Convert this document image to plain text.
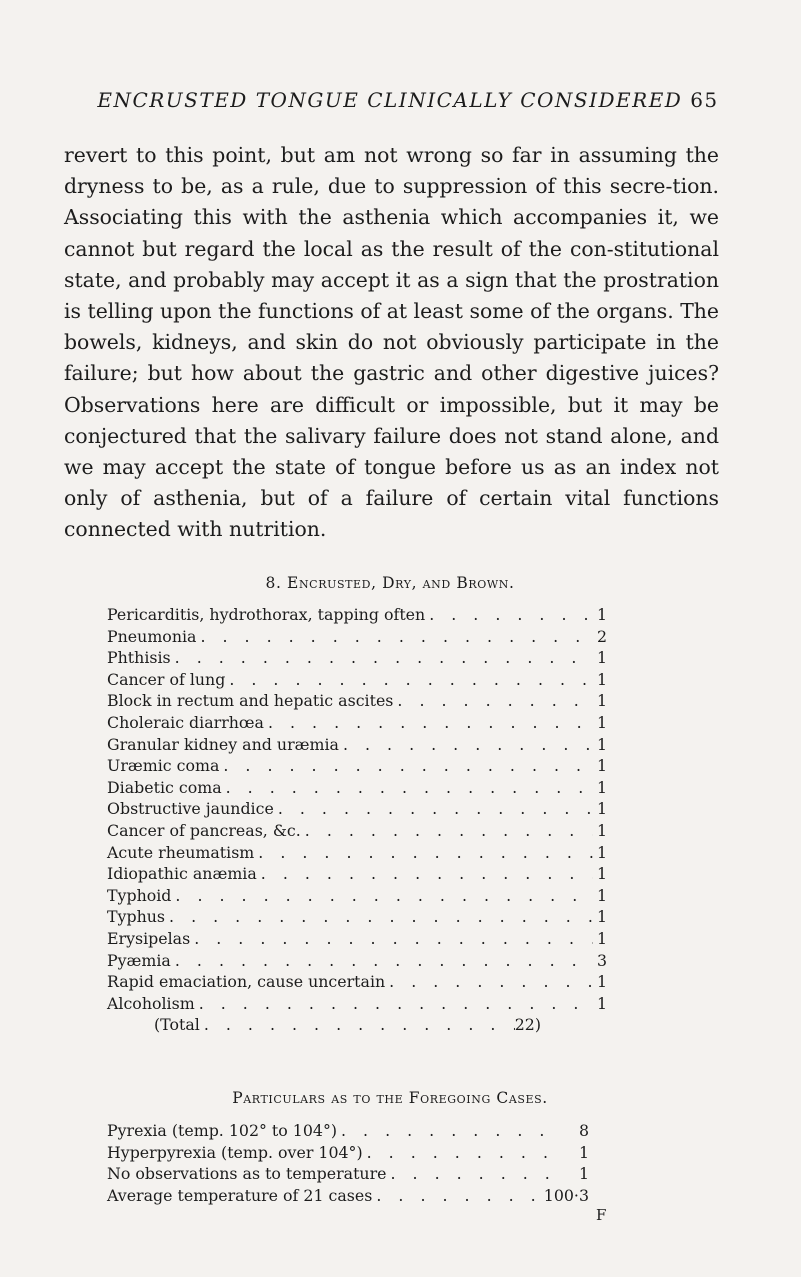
ENCRUSTED TONGUE CLINICALLY CONSIDERED 65

revert to this point, but am not wrong so far in assuming the dryness to be, as a rule, due to suppression of this secre-tion. Associating this with the asthenia which accompanies it, we cannot but regard the local as the result of the con-stitutional state, and probably may accept it as a sign that the prostration is telling upon the functions of at least some of the organs. The bowels, kidneys, and skin do not obviously participate in the failure; but how about the gastric and other digestive juices? Observations here are difficult or impossible, but it may be conjectured that the salivary failure does not stand alone, and we may accept the state of tongue before us as an index not only of asthenia, but of a failure of certain vital functions connected with nutrition.

8. Encrusted, Dry, and Brown.
Pericarditis, hydrothorax, tapping often . . .	1
Pneumonia . . .	2
Phthisis . . .	1
Cancer of lung . . .	1
Block in rectum and hepatic ascites . . .	1
Choleraic diarrhœa . . .	1
Granular kidney and uræmia . . .	1
Uræmic coma . . .	1
Diabetic coma . . .	1
Obstructive jaundice . . .	1
Cancer of pancreas, &c. . . .	1
Acute rheumatism . . .	1
Idiopathic anæmia . . .	1
Typhoid . . .	1
Typhus . . .	1
Erysipelas . . .	1
Pyæmia . . .	3
Rapid emaciation, cause uncertain . . .	1
Alcoholism . . .	1
(Total . . .	22)
Particulars as to the Foregoing Cases.
Pyrexia (temp. 102° to 104°) . . .	8
Hyperpyrexia (temp. over 104°) . . .	1
No observations as to temperature . . .	1
Average temperature of 21 cases . . .	100·3
F
